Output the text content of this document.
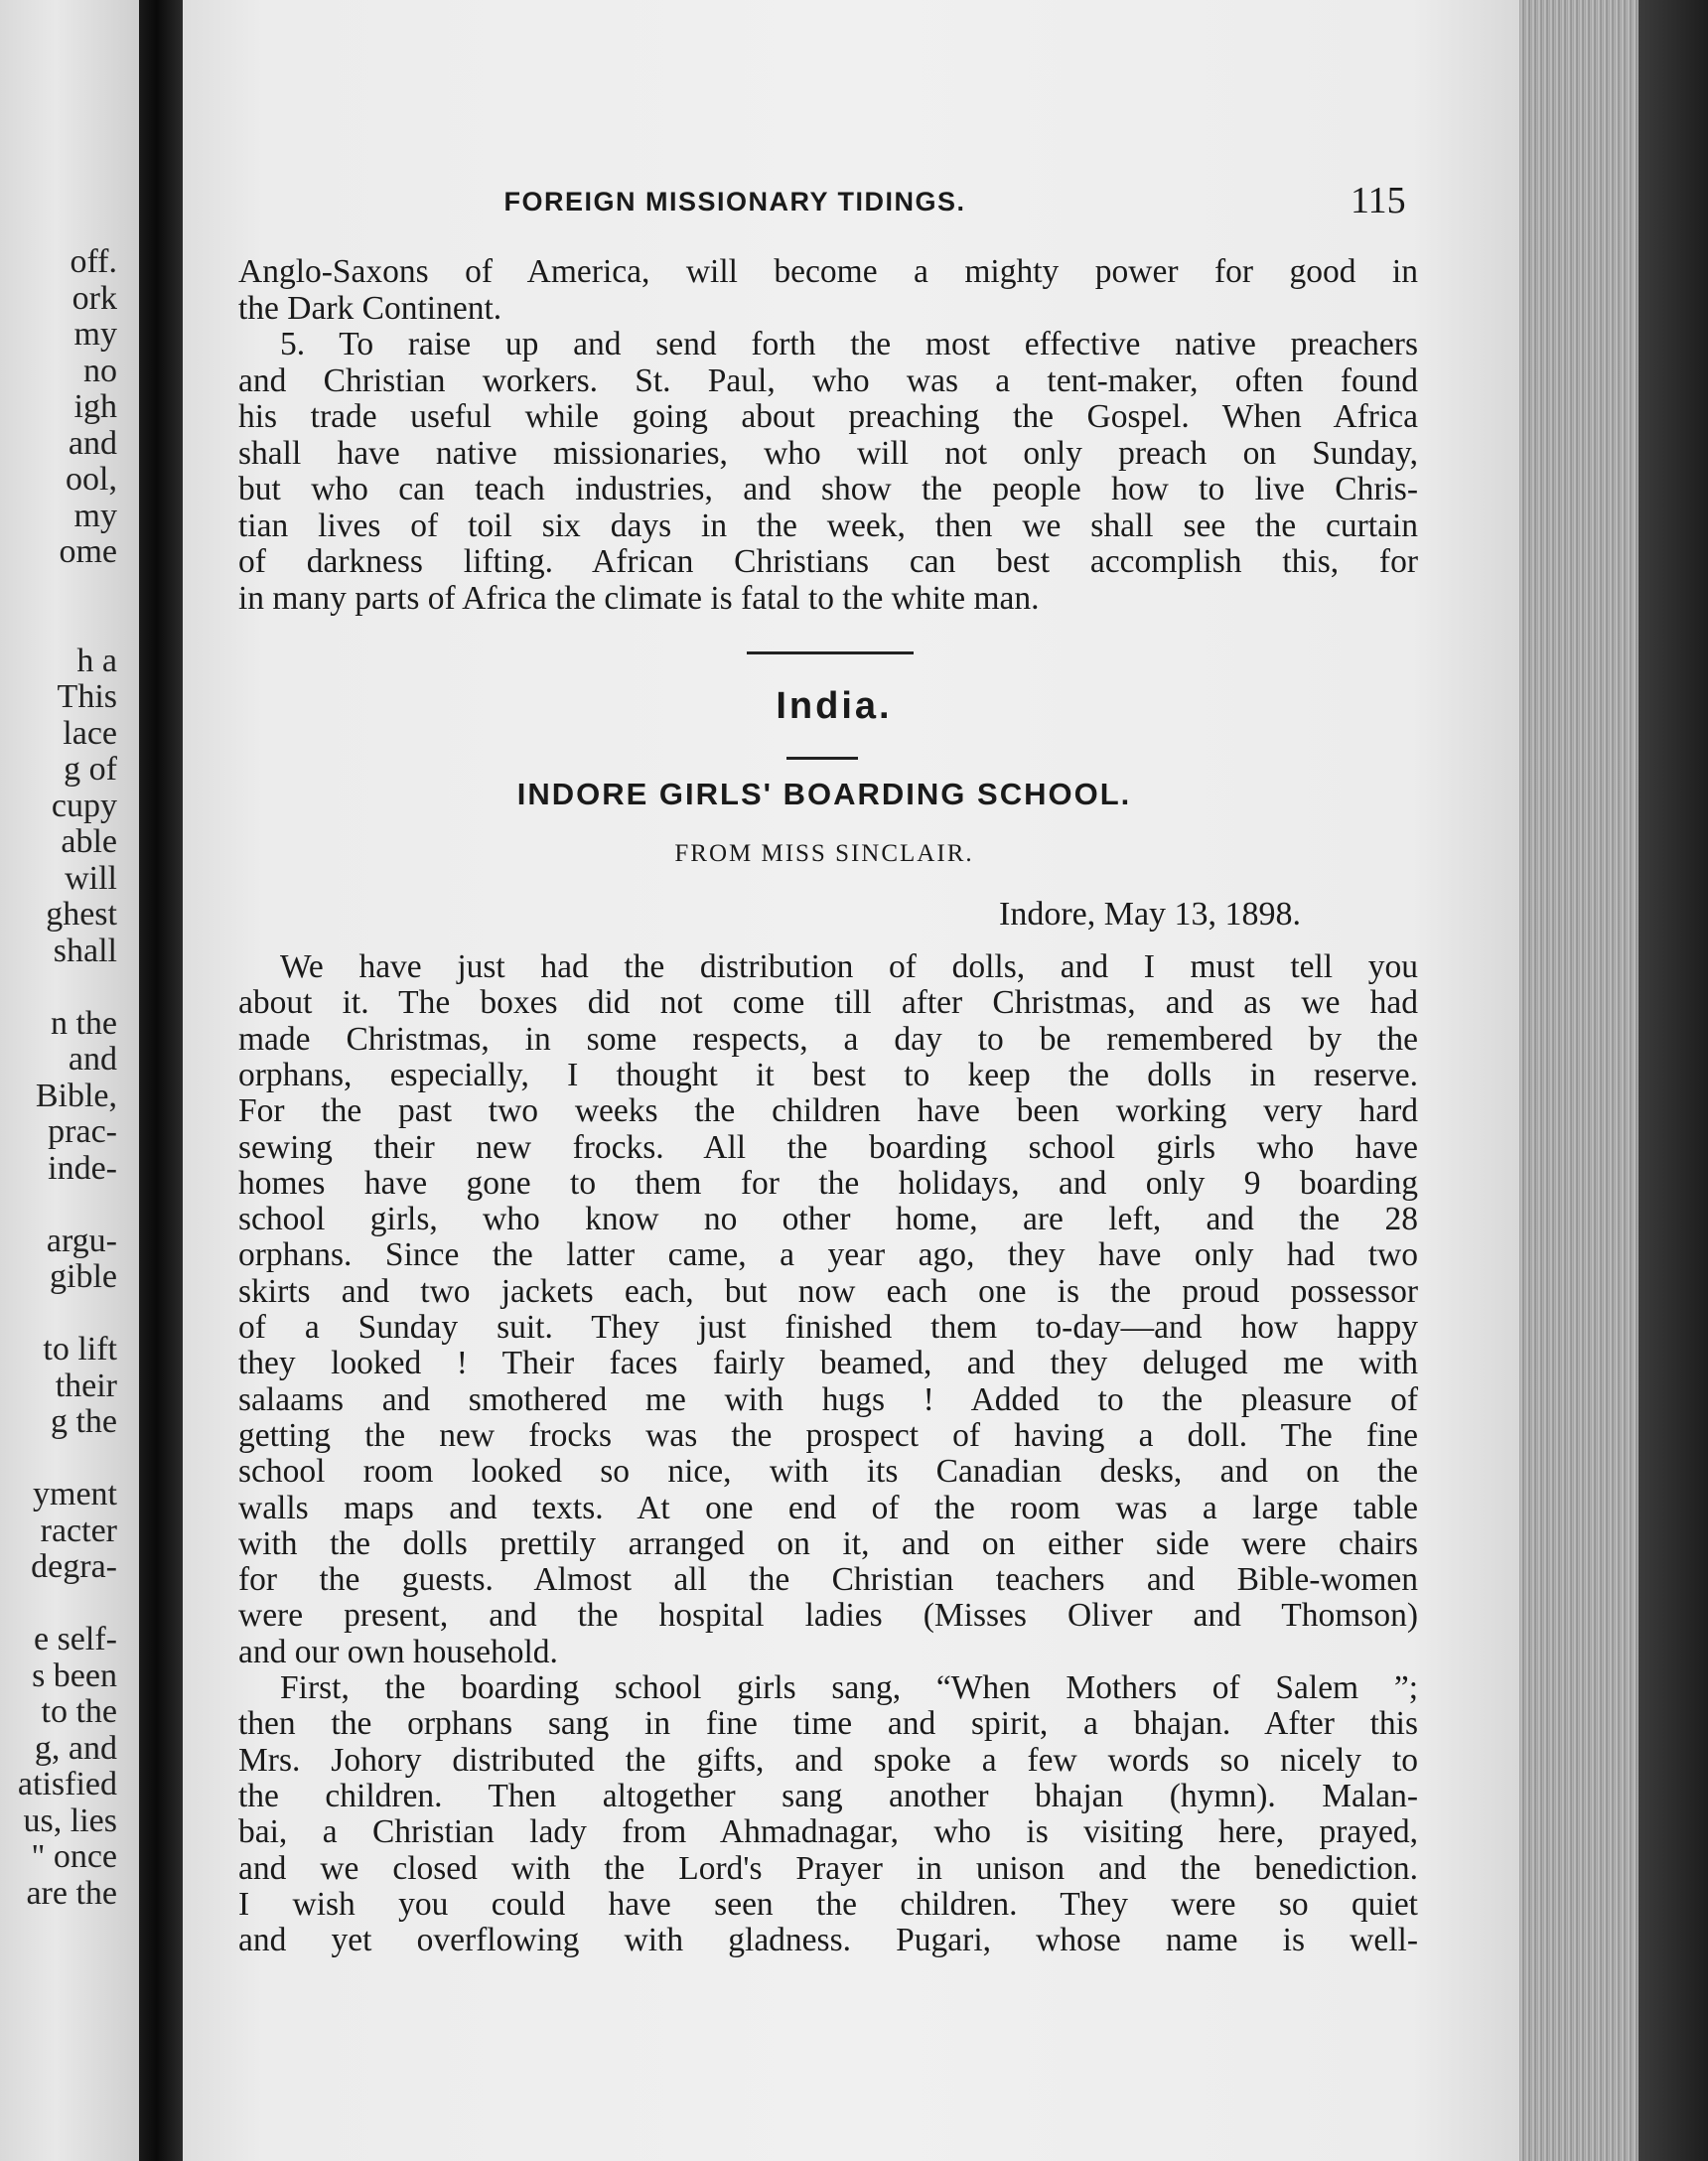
off.
ork
my
no
igh
and
ool,
my
ome
h a
This
lace
g of
cupy
able
will
ghest
shall
n the
and
Bible,
prac-
inde-
argu-
gible
to lift
their
g the
yment
racter
degra-
e self-
s been
to the
g, and
atisfied
us, lies
" once
are the
FOREIGN MISSIONARY TIDINGS.	115
Anglo-Saxons of America, will become a mighty power for good in
the Dark Continent.
5. To raise up and send forth the most effective native preachers
and Christian workers. St. Paul, who was a tent-maker, often found
his trade useful while going about preaching the Gospel. When Africa
shall have native missionaries, who will not only preach on Sunday,
but who can teach industries, and show the people how to live Chris-
tian lives of toil six days in the week, then we shall see the curtain
of darkness lifting. African Christians can best accomplish this, for
in many parts of Africa the climate is fatal to the white man.
India.
INDORE GIRLS' BOARDING SCHOOL.
FROM MISS SINCLAIR.
Indore, May 13, 1898.
We have just had the distribution of dolls, and I must tell you
about it. The boxes did not come till after Christmas, and as we had
made Christmas, in some respects, a day to be remembered by the
orphans, especially, I thought it best to keep the dolls in reserve.
For the past two weeks the children have been working very hard
sewing their new frocks. All the boarding school girls who have
homes have gone to them for the holidays, and only 9 boarding
school girls, who know no other home, are left, and the 28
orphans. Since the latter came, a year ago, they have only had two
skirts and two jackets each, but now each one is the proud possessor
of a Sunday suit. They just finished them to-day—and how happy
they looked ! Their faces fairly beamed, and they deluged me with
salaams and smothered me with hugs ! Added to the pleasure of
getting the new frocks was the prospect of having a doll. The fine
school room looked so nice, with its Canadian desks, and on the
walls maps and texts. At one end of the room was a large table
with the dolls prettily arranged on it, and on either side were chairs
for the guests. Almost all the Christian teachers and Bible-women
were present, and the hospital ladies (Misses Oliver and Thomson)
and our own household.
First, the boarding school girls sang, “When Mothers of Salem ”;
then the orphans sang in fine time and spirit, a bhajan. After this
Mrs. Johory distributed the gifts, and spoke a few words so nicely to
the children. Then altogether sang another bhajan (hymn). Malan-
bai, a Christian lady from Ahmadnagar, who is visiting here, prayed,
and we closed with the Lord's Prayer in unison and the benediction.
I wish you could have seen the children. They were so quiet
and yet overflowing with gladness. Pugari, whose name is well-
